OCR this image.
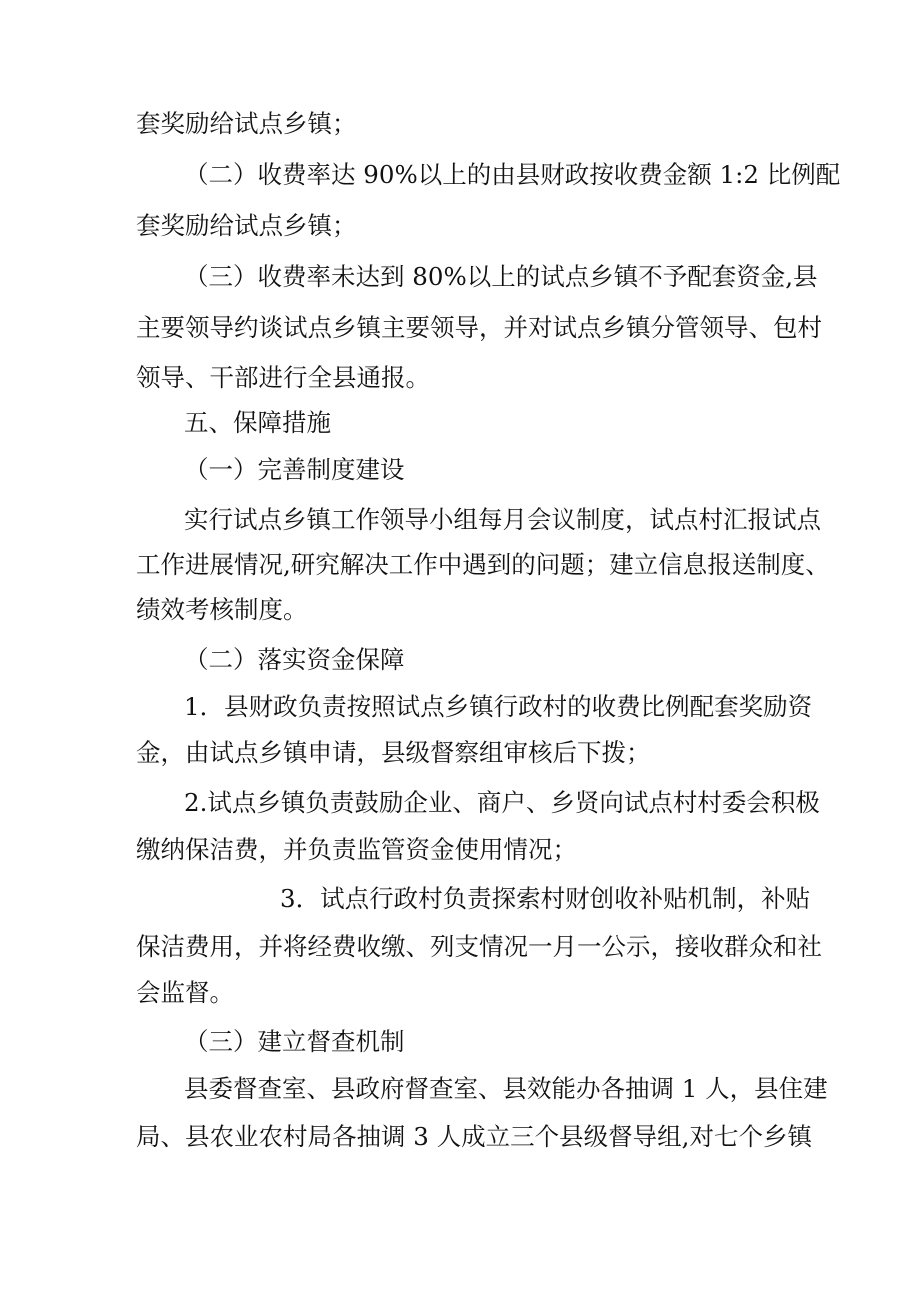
套奖励给试点乡镇；

（二）收费率达 90%以上的由县财政按收费金额 1:2 比例配

套奖励给试点乡镇；

（三）收费率未达到 80%以上的试点乡镇不予配套资金,县

主要领导约谈试点乡镇主要领导，并对试点乡镇分管领导、包村

领导、干部进行全县通报。

五、保障措施

（一）完善制度建设

实行试点乡镇工作领导小组每月会议制度，试点村汇报试点

工作进展情况,研究解决工作中遇到的问题；建立信息报送制度、

绩效考核制度。

（二）落实资金保障

1．县财政负责按照试点乡镇行政村的收费比例配套奖励资

金，由试点乡镇申请，县级督察组审核后下拨；

2.试点乡镇负责鼓励企业、商户、乡贤向试点村村委会积极

缴纳保洁费，并负责监管资金使用情况；

3．试点行政村负责探索村财创收补贴机制，补贴

保洁费用，并将经费收缴、列支情况一月一公示，接收群众和社

会监督。

（三）建立督查机制

县委督查室、县政府督查室、县效能办各抽调 1 人，县住建

局、县农业农村局各抽调 3 人成立三个县级督导组,对七个乡镇
